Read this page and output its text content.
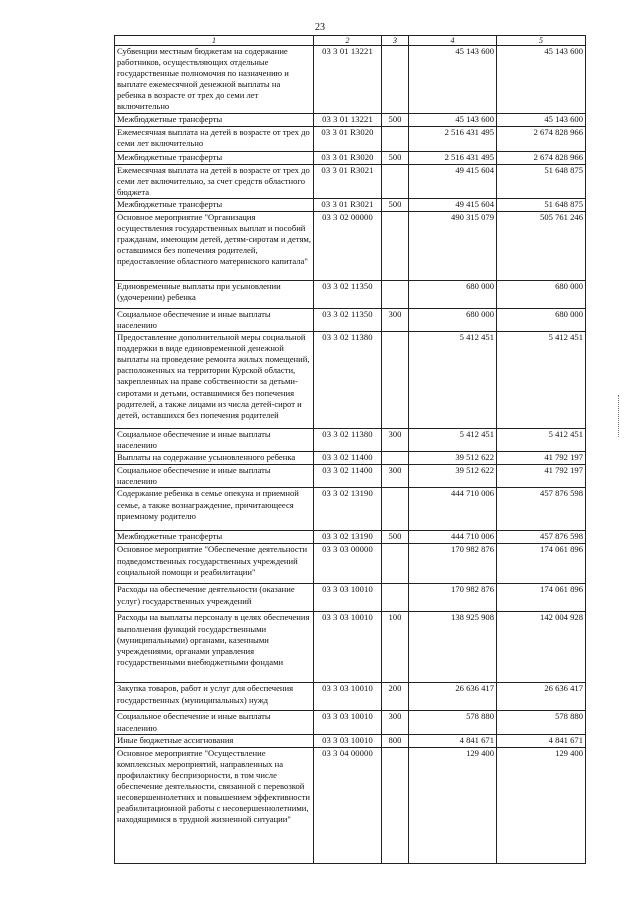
23
1	2	3	4	5
Субвенции местным бюджетам на содержание работников, осуществляющих отдельные государственные полномочия по назначению и выплате ежемесячной денежной выплаты на ребенка в возрасте от трех до семи лет включительно	03 3 01 13221		45 143 600	45 143 600
Межбюджетные трансферты	03 3 01 13221	500	45 143 600	45 143 600
Ежемесячная выплата на детей в возрасте от трех до семи лет включительно	03 3 01 R3020		2 516 431 495	2 674 828 966
Межбюджетные трансферты	03 3 01 R3020	500	2 516 431 495	2 674 828 966
Ежемесячная выплата на детей в возрасте от трех до семи лет включительно, за счет средств областного бюджета	03 3 01 R3021		49 415 604	51 648 875
Межбюджетные трансферты	03 3 01 R3021	500	49 415 604	51 648 875
Основное мероприятие "Организация осуществления государственных выплат и пособий гражданам, имеющим детей, детям-сиротам и детям, оставшимся без попечения родителей, предоставление областного материнского капитала"	03 3 02 00000		490 315 079	505 761 246
Единовременные выплаты при усыновлении (удочерении) ребенка	03 3 02 11350		680 000	680 000
Социальное обеспечение и иные выплаты населению	03 3 02 11350	300	680 000	680 000
Предоставление дополнительной меры социальной поддержки в виде единовременной денежной выплаты на проведение ремонта жилых помещений, расположенных на территории Курской области, закрепленных на праве собственности за детьми-сиротами и детьми, оставшимися без попечения родителей, а также лицами из числа детей-сирот и детей, оставшихся без попечения родителей	03 3 02 11380		5 412 451	5 412 451
Социальное обеспечение и иные выплаты населению	03 3 02 11380	300	5 412 451	5 412 451
Выплаты на содержание усыновленного ребенка	03 3 02 11400		39 512 622	41 792 197
Социальное обеспечение и иные выплаты населению	03 3 02 11400	300	39 512 622	41 792 197
Содержание ребенка в семье опекуна и приемной семье, а также вознаграждение, причитающееся приемному родителю	03 3 02 13190		444 710 006	457 876 598
Межбюджетные трансферты	03 3 02 13190	500	444 710 006	457 876 598
Основное мероприятие "Обеспечение деятельности подведомственных государственных учреждений социальной помощи и реабилитации"	03 3 03 00000		170 982 876	174 061 896
Расходы на обеспечение деятельности (оказание услуг) государственных учреждений	03 3 03 10010		170 982 876	174 061 896
Расходы на выплаты персоналу в целях обеспечения выполнения функций государственными (муниципальными) органами, казенными учреждениями, органами управления государственными внебюджетными фондами	03 3 03 10010	100	138 925 908	142 004 928
Закупка товаров, работ и услуг для обеспечения государственных (муниципальных) нужд	03 3 03 10010	200	26 636 417	26 636 417
Социальное обеспечение и иные выплаты населению	03 3 03 10010	300	578 880	578 880
Иные бюджетные ассигнования	03 3 03 10010	800	4 841 671	4 841 671
Основное мероприятие "Осуществление комплексных мероприятий, направленных на профилактику беспризорности, в том числе обеспечение деятельности, связанной с перевозкой несовершеннолетних и повышением эффективности реабилитационной работы с несовершеннолетними, находящимися в трудной жизненной ситуации"	03 3 04 00000		129 400	129 400
